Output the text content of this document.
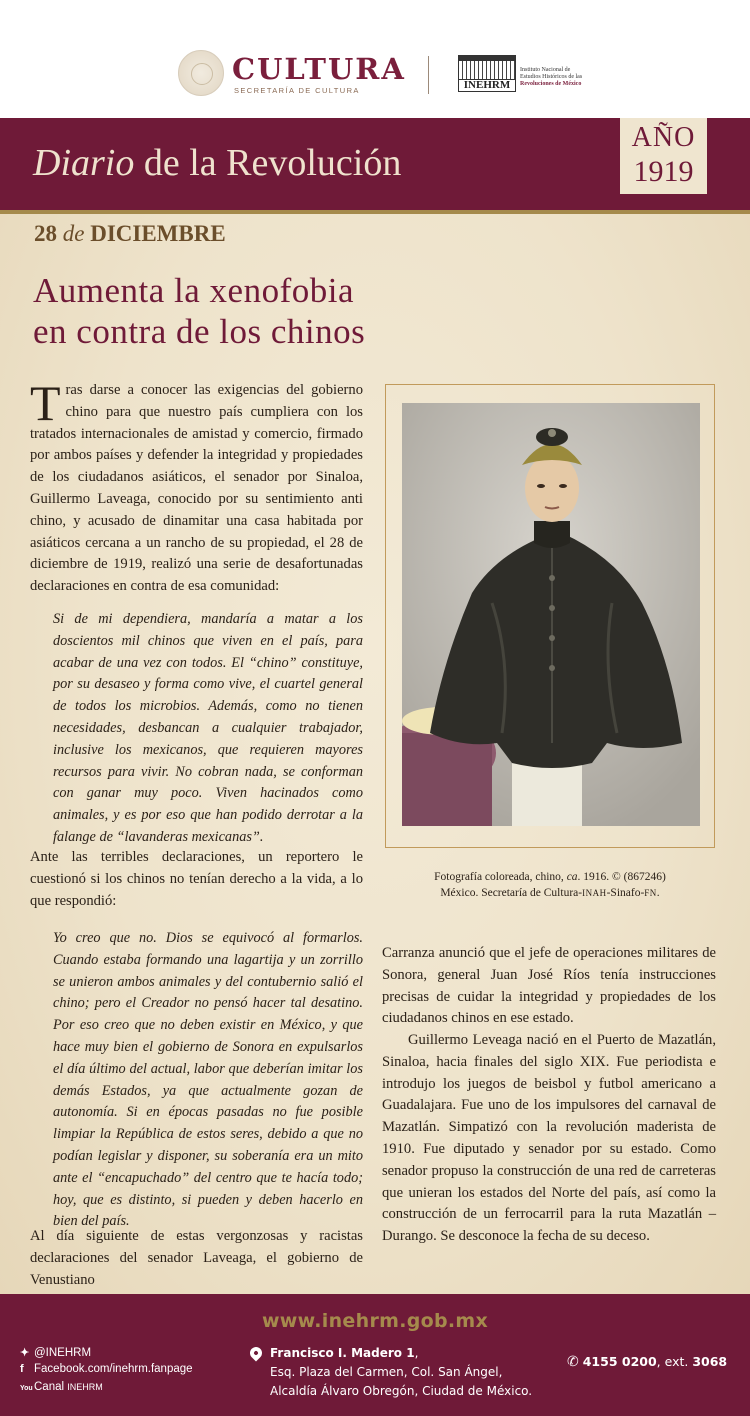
CULTURA
SECRETARÍA DE CULTURA	INEHRM
Instituto Nacional de
Estudios Históricos de las
Revoluciones de México
Diario de la Revolución
AÑO
1919
28 de DICIEMBRE
Aumenta la xenofobia
en contra de los chinos

Tras darse a conocer las exigencias del gobierno chino para que nuestro país cumpliera con los tratados internacionales de amistad y comercio, firmado por ambos países y defender la integridad y propiedades de los ciudadanos asiáticos, el senador por Sinaloa, Guillermo Laveaga, conocido por su sentimiento anti chino, y acusado de dinamitar una casa habitada por asiáticos cercana a un rancho de su propiedad, el 28 de diciembre de 1919, realizó una serie de desafortunadas declaraciones en contra de esa comunidad:

Si de mi dependiera, mandaría a matar a los doscientos mil chinos que viven en el país, para acabar de una vez con todos. El “chino” constituye, por su desaseo y forma como vive, el cuartel general de todos los microbios. Además, como no tienen necesidades, desbancan a cualquier trabajador, inclusive los mexicanos, que requieren mayores recursos para vivir. No cobran nada, se conforman con ganar muy poco. Viven hacinados como animales, y es por eso que han podido derrotar a la falange de “lavanderas mexicanas”.
Ante las terribles declaraciones, un reportero le cuestionó si los chinos no tenían derecho a la vida, a lo que respondió:
Yo creo que no. Dios se equivocó al formarlos. Cuando estaba formando una lagartija y un zorrillo se unieron ambos animales y del contubernio salió el chino; pero el Creador no pensó hacer tal desatino. Por eso creo que no deben existir en México, y que hace muy bien el gobierno de Sonora en expulsarlos el día último del actual, labor que deberían imitar los demás Estados, ya que actualmente gozan de autonomía. Si en épocas pasadas no fue posible limpiar la República de estos seres, debido a que no podían legislar y disponer, su soberanía era un mito ante el “encapuchado” del centro que te hacía todo; hoy, que es distinto, si pueden y deben hacerlo en bien del país.
Al día siguiente de estas vergonzosas y racistas declaraciones del senador Laveaga, el gobierno de Venustiano
Fotografía coloreada, chino, ca. 1916. © (867246)
México. Secretaría de Cultura-INAH-Sinafo-FN.
Carranza anunció que el jefe de operaciones militares de Sonora, general Juan José Ríos tenía instrucciones precisas de cuidar la integridad y propiedades de los ciudadanos chinos en ese estado.

Guillermo Leveaga nació en el Puerto de Mazatlán, Sinaloa, hacia finales del siglo XIX. Fue periodista e introdujo los juegos de beisbol y futbol americano a Guadalajara. Fue uno de los impulsores del carnaval de Mazatlán. Simpatizó con la revolución maderista de 1910. Fue diputado y senador por su estado. Como senador propuso la construcción de una red de carreteras que unieran los estados del Norte del país, así como la construcción de un ferrocarril para la ruta Mazatlán – Durango. Se desconoce la fecha de su deceso.

www.inehrm.gob.mx
✦ @INEHRM
f Facebook.com/inehrm.fanpage
YouCanal INEHRM
Francisco I. Madero 1,
Esq. Plaza del Carmen, Col. San Ángel,
Alcaldía Álvaro Obregón, Ciudad de México.
✆ 4155 0200, ext. 3068
